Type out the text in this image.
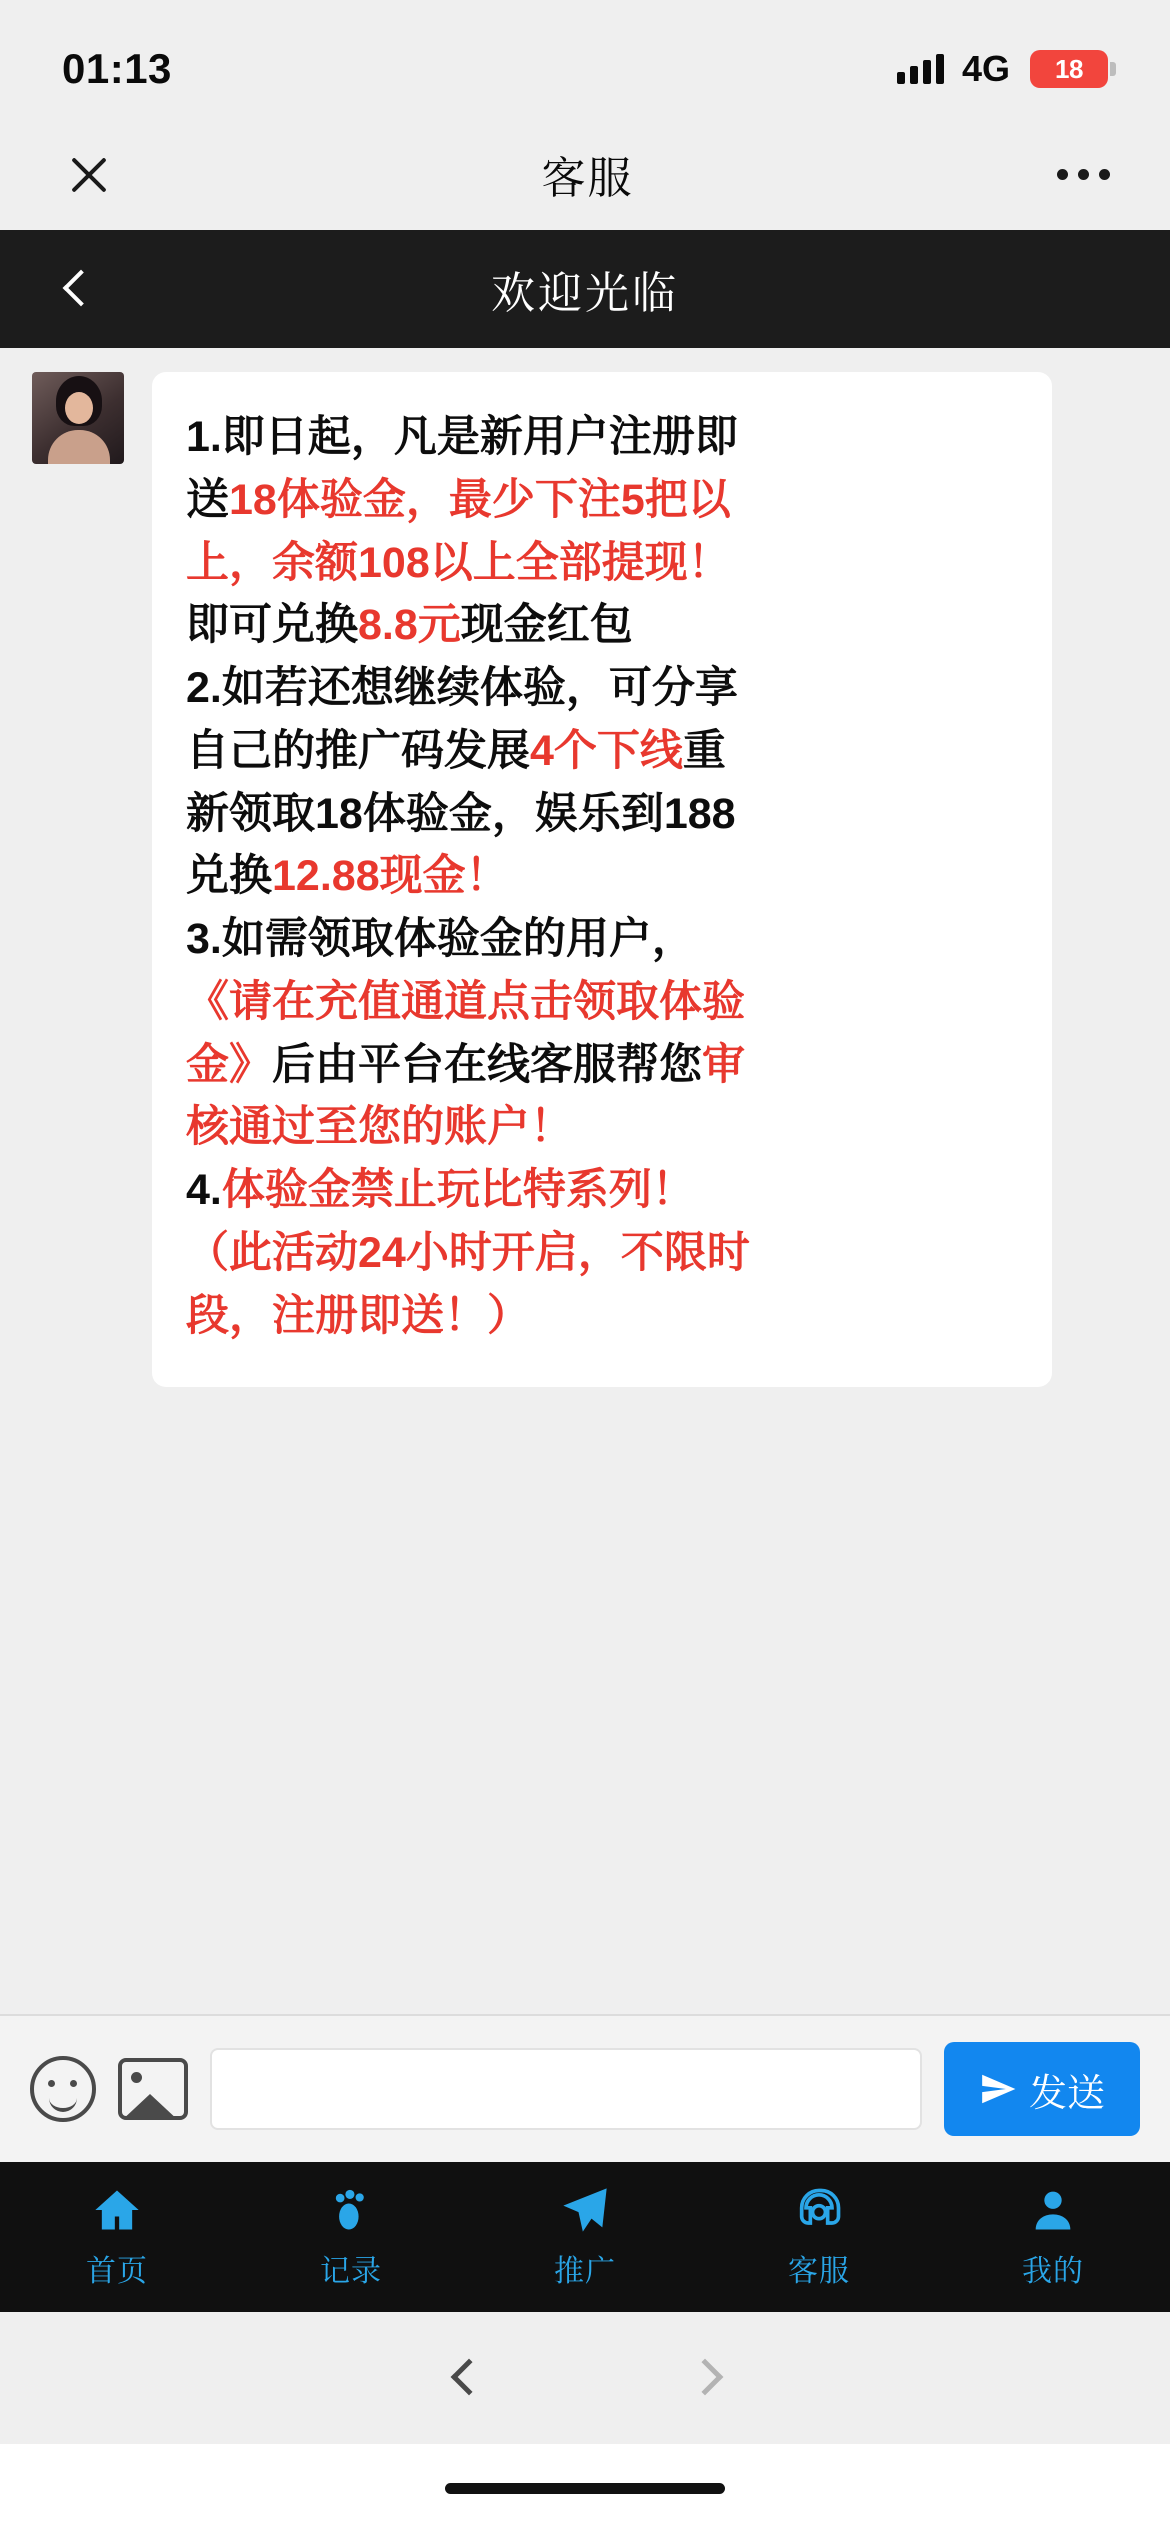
01:13	4G 18
客服
欢迎光临

1.即日起，凡是新用户注册即
送18体验金，最少下注5把以
上，余额108以上全部提现！
即可兑换8.8元现金红包
2.如若还想继续体验，可分享
自己的推广码发展4个下线重
新领取18体验金，娱乐到188
兑换12.88现金！
3.如需领取体验金的用户，
《请在充值通道点击领取体验
金》后由平台在线客服帮您审
核通过至您的账户！
4.体验金禁止玩比特系列！
（此活动24小时开启，不限时
段，注册即送！）

发送
首页	记录	推广	客服	我的
